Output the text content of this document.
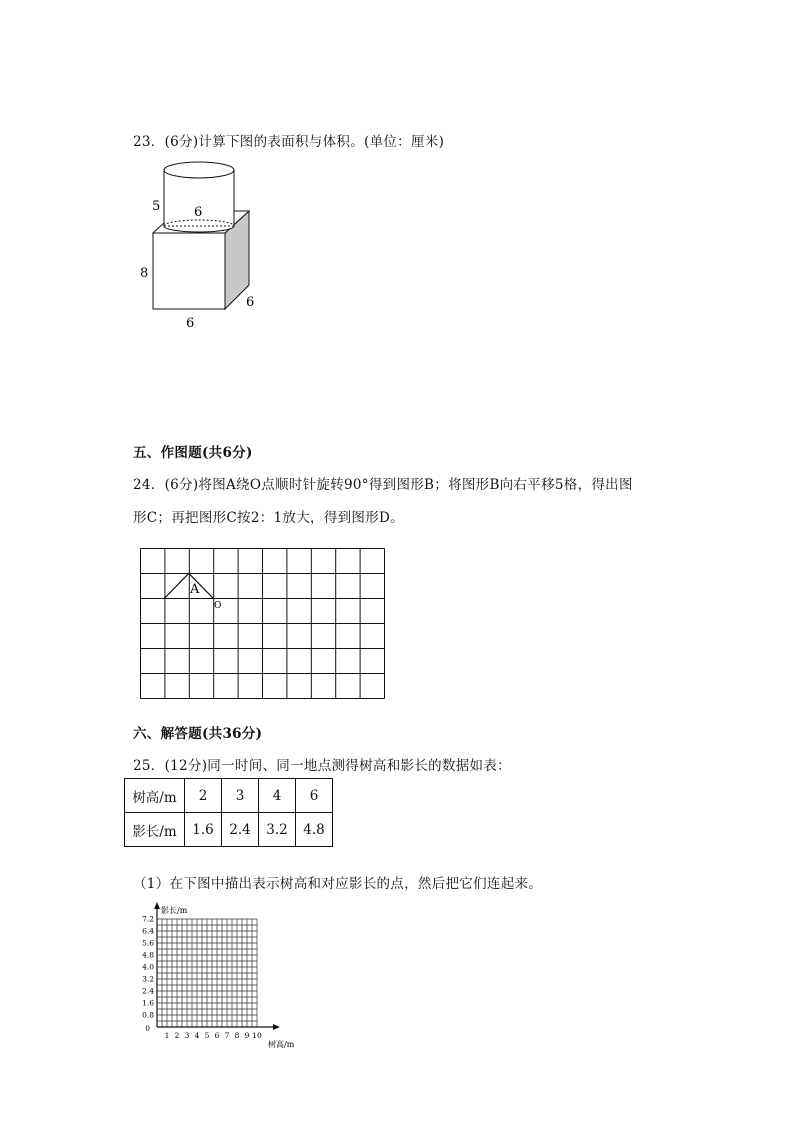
23．(6分)计算下图的表面积与体积。(单位：厘米)
5	6
8
6
6
五、作图题(共6分)
24．(6分)将图A绕O点顺时针旋转90°得到图形B；将图形B向右平移5格，得出图
形C；再把图形C按2：1放大，得到图形D。
A
O
六、解答题(共36分)
25．(12分)同一时间、同一地点测得树高和影长的数据如表：
树高/m	2	3	4	6
影长/m	1.6	2.4	3.2	4.8
（1）在下图中描出表示树高和对应影长的点，然后把它们连起来。
1 2 3 4 5 6 7 8 9 10
0.8
1.6
2.4
3.2
4.0
4.8
5.6
6.4
7.2
0
影长/m
树高/m
